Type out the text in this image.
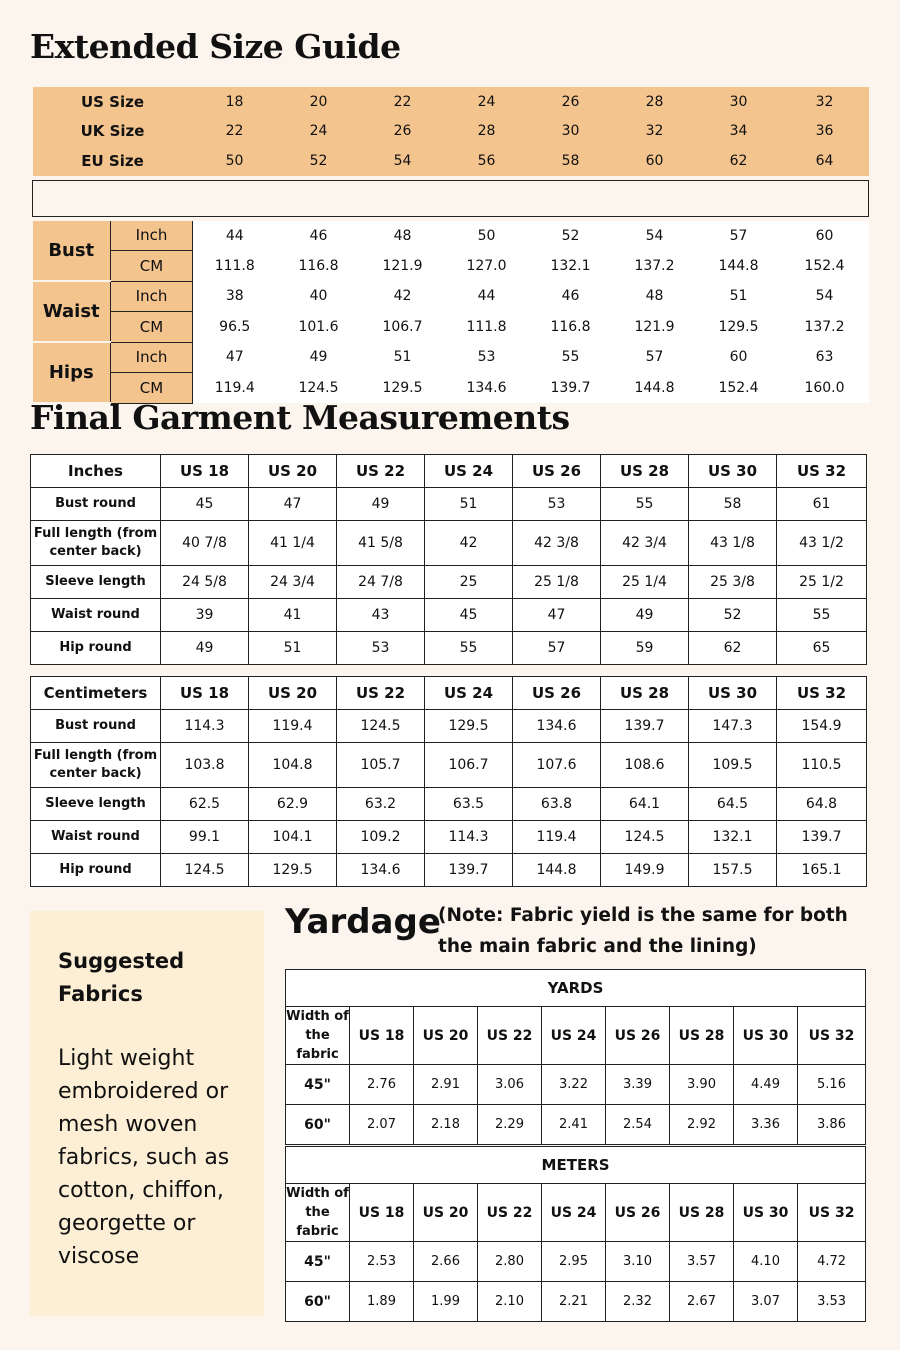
Extended Size Guide
US Size		18	20	22	24	26	28	30	32
UK Size		22	24	26	28	30	32	34	36
EU Size		50	52	54	56	58	60	62	64

Bust	Inch	44	46	48	50	52	54	57	60
	CM	111.8	116.8	121.9	127.0	132.1	137.2	144.8	152.4
Waist	Inch	38	40	42	44	46	48	51	54
	CM	96.5	101.6	106.7	111.8	116.8	121.9	129.5	137.2
Hips	Inch	47	49	51	53	55	57	60	63
	CM	119.4	124.5	129.5	134.6	139.7	144.8	152.4	160.0
Final Garment Measurements
Inches	US 18	US 20	US 22	US 24	US 26	US 28	US 30	US 32
Bust round	45	47	49	51	53	55	58	61
Full length (from center back)	40 7/8	41 1/4	41 5/8	42	42 3/8	42 3/4	43 1/8	43 1/2
Sleeve length	24 5/8	24 3/4	24 7/8	25	25 1/8	25 1/4	25 3/8	25 1/2
Waist round	39	41	43	45	47	49	52	55
Hip round	49	51	53	55	57	59	62	65
Centimeters	US 18	US 20	US 22	US 24	US 26	US 28	US 30	US 32
Bust round	114.3	119.4	124.5	129.5	134.6	139.7	147.3	154.9
Full length (from center back)	103.8	104.8	105.7	106.7	107.6	108.6	109.5	110.5
Sleeve length	62.5	62.9	63.2	63.5	63.8	64.1	64.5	64.8
Waist round	99.1	104.1	109.2	114.3	119.4	124.5	132.1	139.7
Hip round	124.5	129.5	134.6	139.7	144.8	149.9	157.5	165.1
Suggested Fabrics
Light weight embroidered or mesh woven fabrics, such as cotton, chiffon, georgette or viscose
Yardage
(Note: Fabric yield is the same for both the main fabric and the lining)
YARDS								
Width of the fabric	US 18	US 20	US 22	US 24	US 26	US 28	US 30	US 32
45"	2.76	2.91	3.06	3.22	3.39	3.90	4.49	5.16
60"	2.07	2.18	2.29	2.41	2.54	2.92	3.36	3.86
METERS								
Width of the fabric	US 18	US 20	US 22	US 24	US 26	US 28	US 30	US 32
45"	2.53	2.66	2.80	2.95	3.10	3.57	4.10	4.72
60"	1.89	1.99	2.10	2.21	2.32	2.67	3.07	3.53
